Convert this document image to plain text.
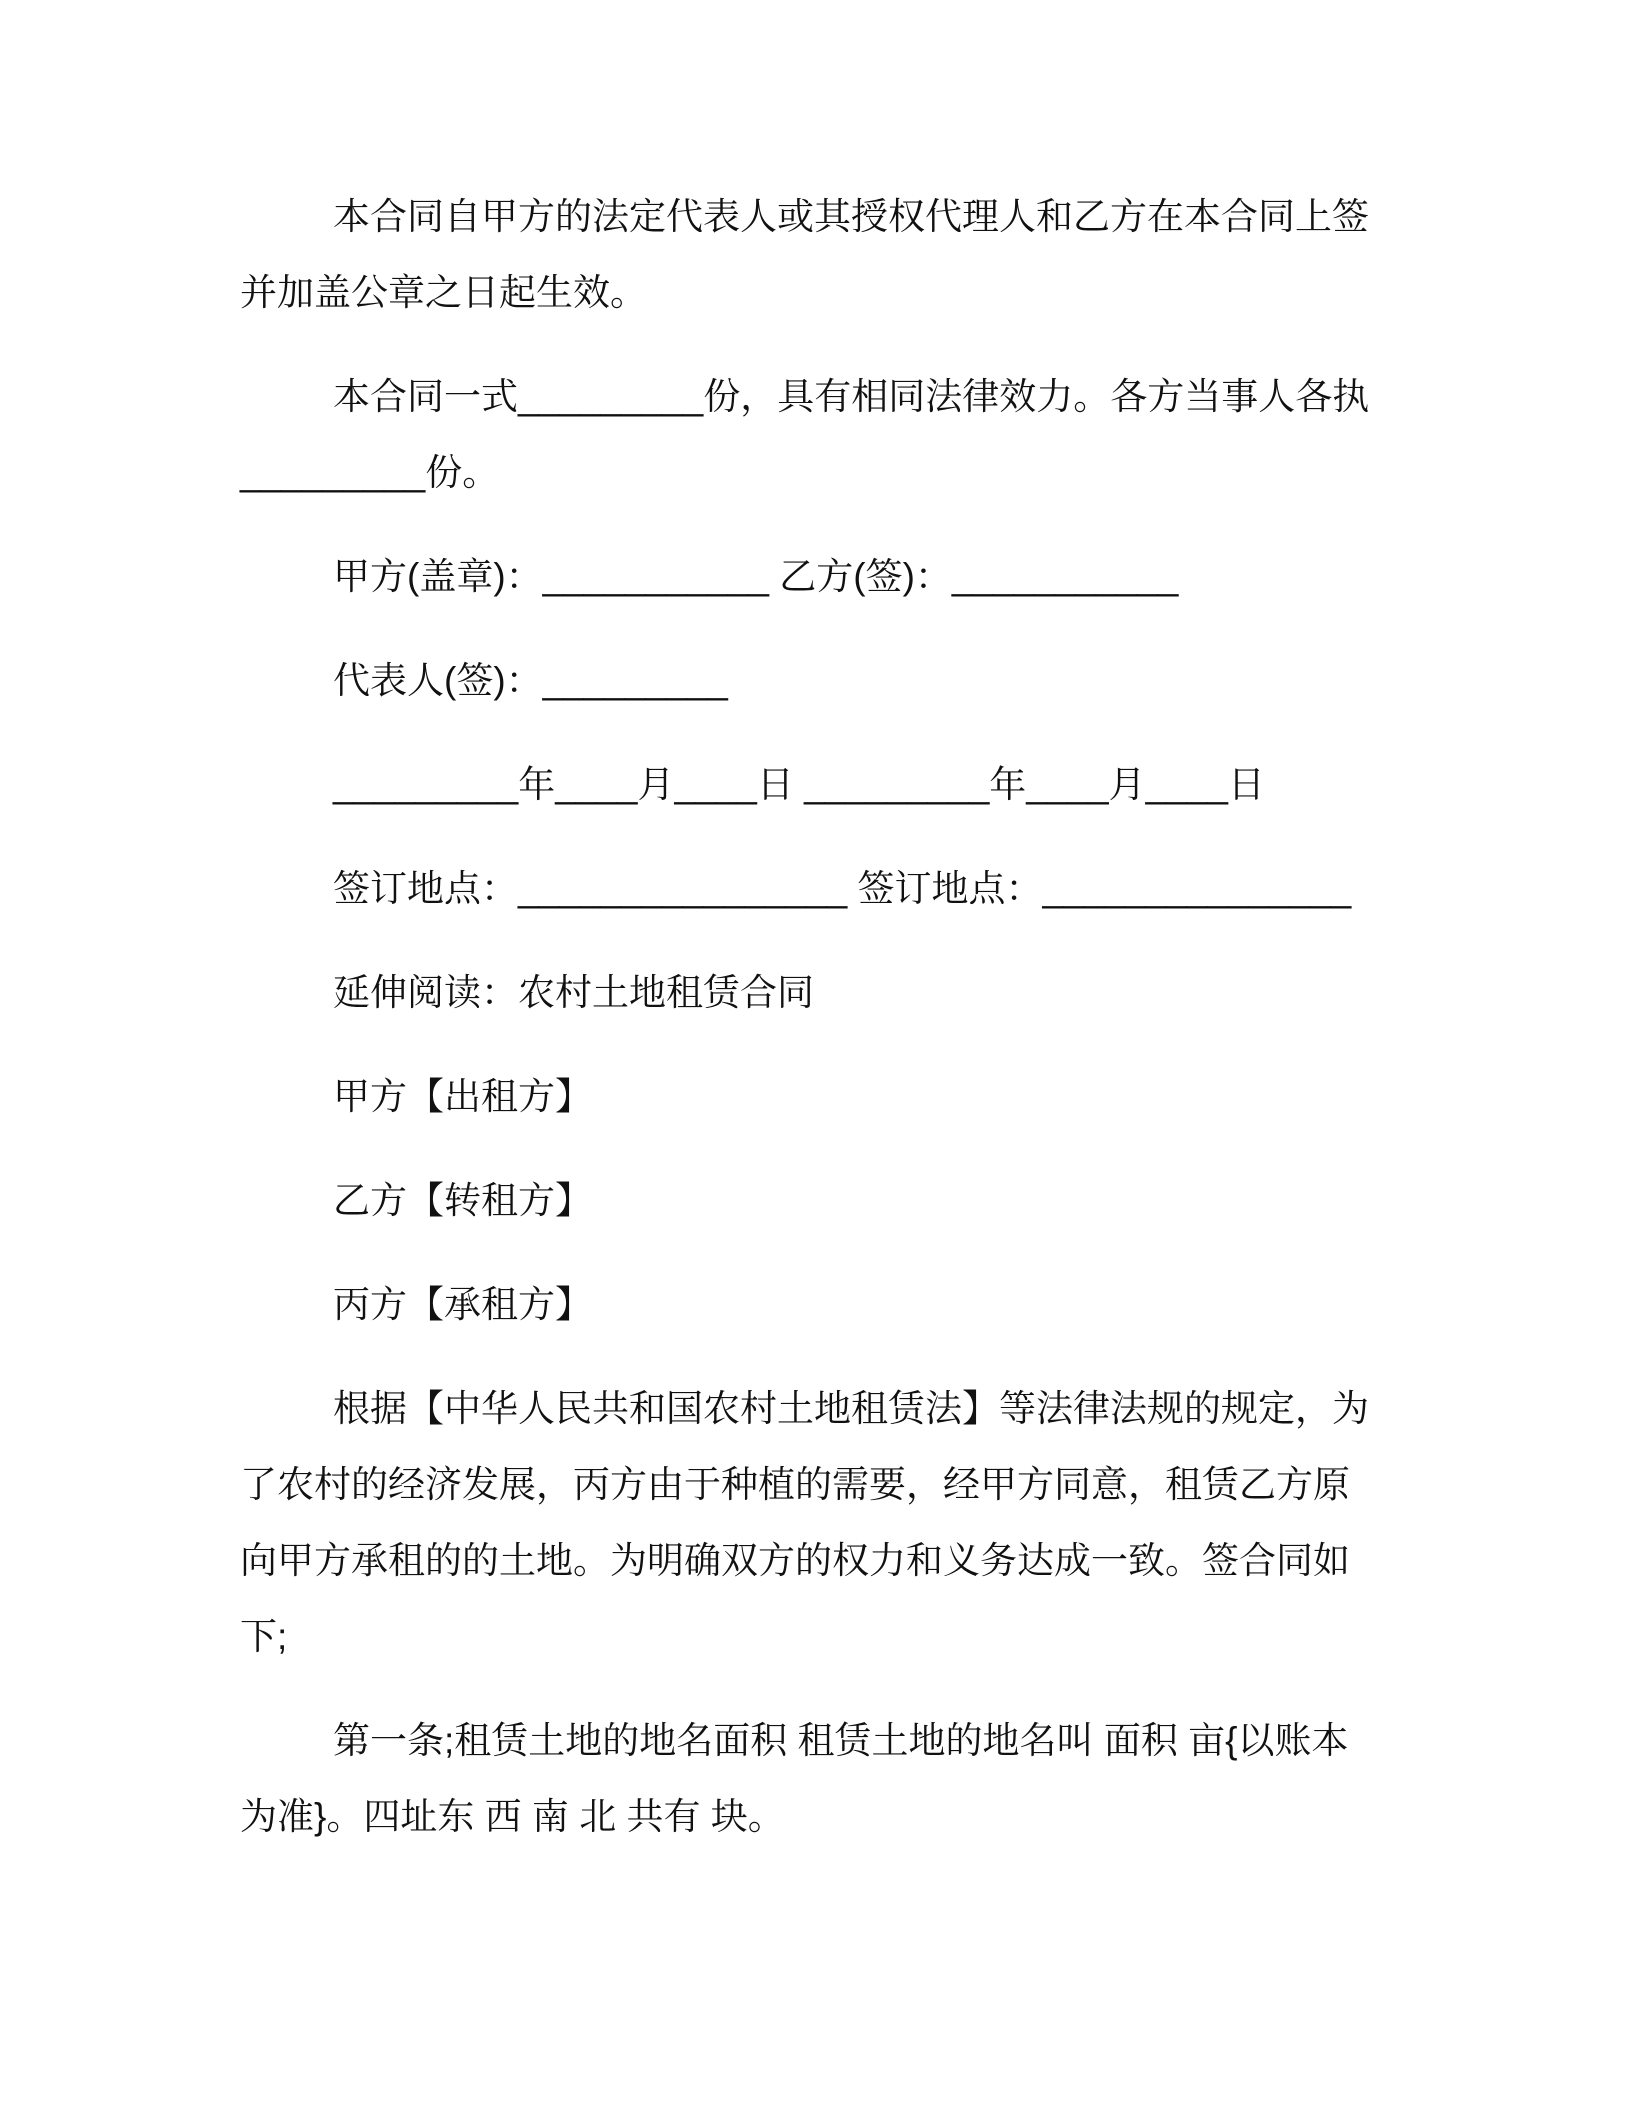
本合同自甲方的法定代表人或其授权代理人和乙方在本合同上签
并加盖公章之日起生效。
本合同一式_________份，具有相同法律效力。各方当事人各执
_________份。
甲方(盖章)：___________ 乙方(签)：___________
代表人(签)：_________
_________年____月____日 _________年____月____日
签订地点：________________ 签订地点：_______________
延伸阅读：农村土地租赁合同
甲方【出租方】
乙方【转租方】
丙方【承租方】
根据【中华人民共和国农村土地租赁法】等法律法规的规定，为
了农村的经济发展，丙方由于种植的需要，经甲方同意，租赁乙方原
向甲方承租的的土地。为明确双方的权力和义务达成一致。签合同如
下;
第一条;租赁土地的地名面积 租赁土地的地名叫 面积 亩{以账本
为准}。四址东 西 南 北 共有 块。
